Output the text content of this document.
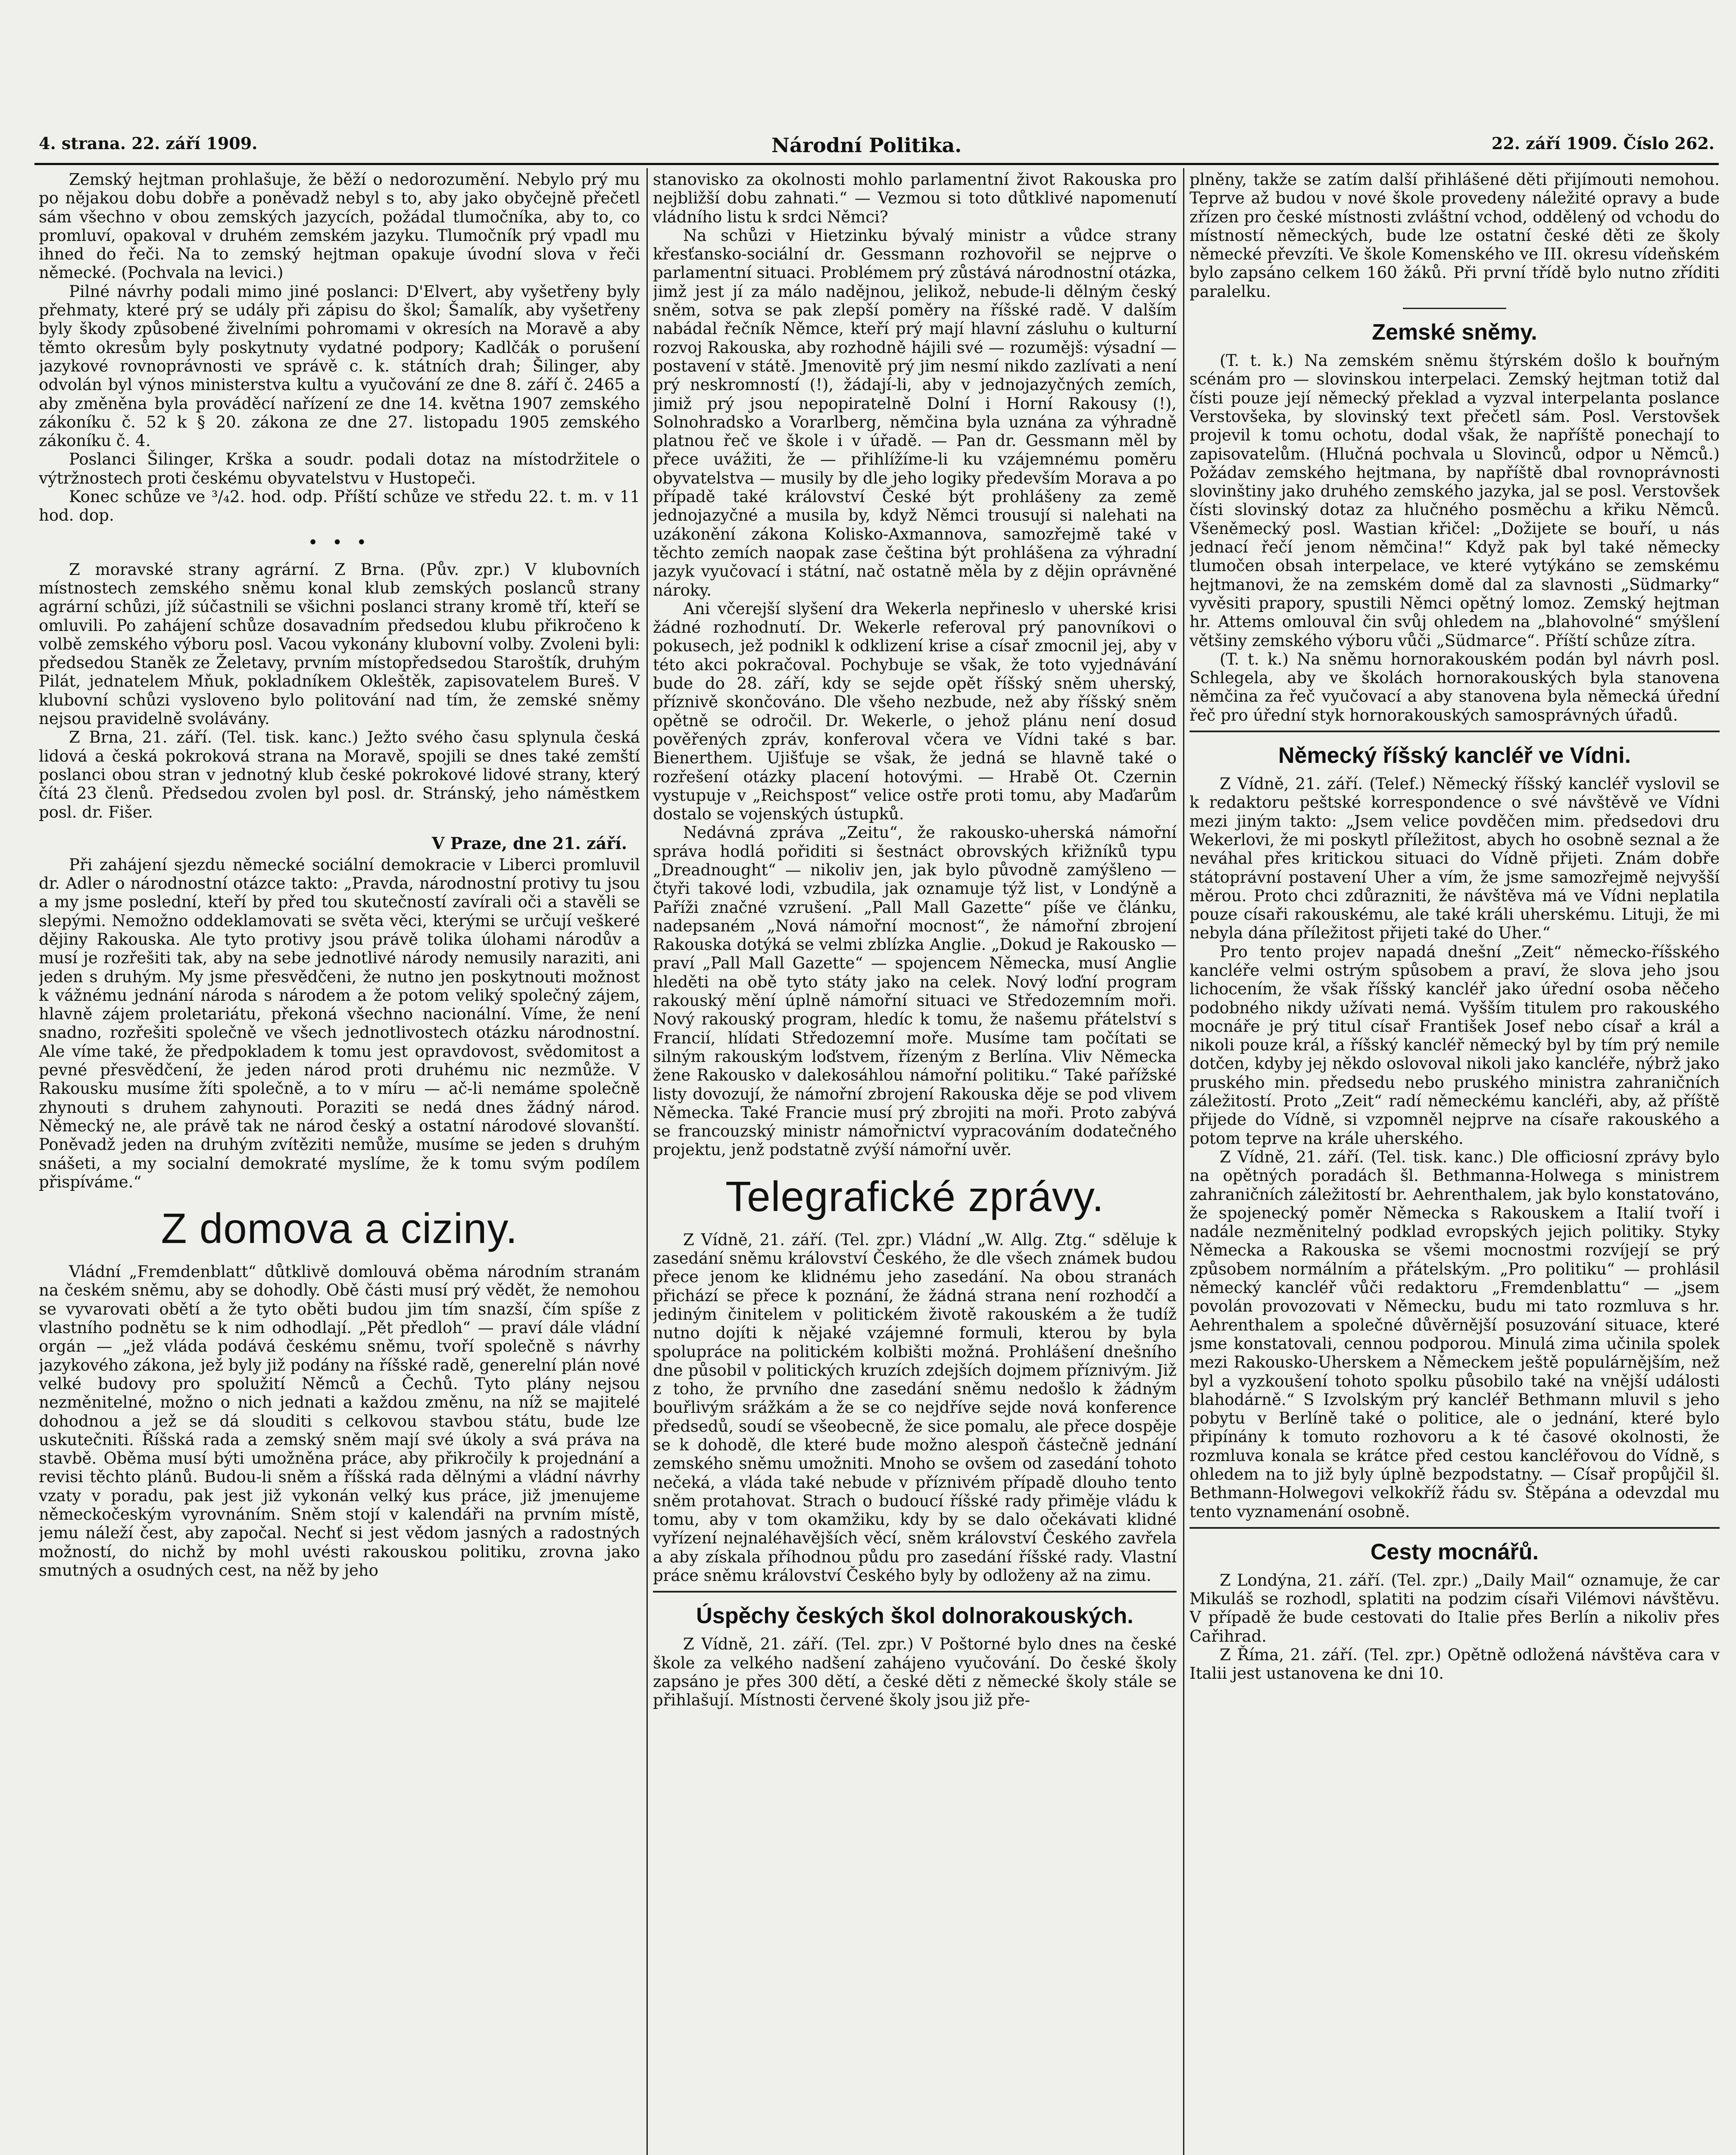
4. strana. 22. září 1909.	Národní Politika.	22. září 1909. Číslo 262.

Zemský hejtman prohlašuje, že běží o nedorozumění. Nebylo prý mu po nějakou dobu dobře a poněvadž nebyl s to, aby jako obyčejně přečetl sám všechno v obou zemských jazycích, požádal tlumočníka, aby to, co promluví, opakoval v druhém zemském jazyku. Tlumočník prý vpadl mu ihned do řeči. Na to zemský hejtman opakuje úvodní slova v řeči německé. (Pochvala na levici.)

Pilné návrhy podali mimo jiné poslanci: D'Elvert, aby vyšetřeny byly přehmaty, které prý se udály při zápisu do škol; Šamalík, aby vyšetřeny byly škody způsobené živelními pohromami v okresích na Moravě a aby těmto okresům byly poskytnuty vydatné podpory; Kadlčák o porušení jazykové rovnoprávnosti ve správě c. k. státních drah; Šilinger, aby odvolán byl výnos ministerstva kultu a vyučování ze dne 8. září č. 2465 a aby změněna byla prováděcí nařízení ze dne 14. května 1907 zemského zákoníku č. 52 k § 20. zákona ze dne 27. listopadu 1905 zemského zákoníku č. 4.

Poslanci Šilinger, Krška a soudr. podali dotaz na místodržitele o výtržnostech proti českému obyvatelstvu v Hustopeči.

Konec schůze ve ³/₄2. hod. odp. Příští schůze ve středu 22. t. m. v 11 hod. dop.

• • •

Z moravské strany agrární. Z Brna. (Pův. zpr.) V klubovních místnostech zemského sněmu konal klub zemských poslanců strany agrární schůzi, jíž súčastnili se všichni poslanci strany kromě tří, kteří se omluvili. Po zahájení schůze dosavadním předsedou klubu přikročeno k volbě zemského výboru posl. Vacou vykonány klubovní volby. Zvoleni byli: předsedou Staněk ze Želetavy, prvním místopředsedou Staroštík, druhým Pilát, jednatelem Mňuk, pokladníkem Okleštěk, zapisovatelem Bureš. V klubovní schůzi vysloveno bylo politování nad tím, že zemské sněmy nejsou pravidelně svolávány.

Z Brna, 21. září. (Tel. tisk. kanc.) Ježto svého času splynula česká lidová a česká pokroková strana na Moravě, spojili se dnes také zemští poslanci obou stran v jednotný klub české pokrokové lidové strany, který čítá 23 členů. Předsedou zvolen byl posl. dr. Stránský, jeho náměstkem posl. dr. Fišer.

V Praze, dne 21. září.

Při zahájení sjezdu německé sociální demokracie v Liberci promluvil dr. Adler o národnostní otázce takto: „Pravda, národnostní protivy tu jsou a my jsme poslední, kteří by před tou skutečností zavírali oči a stavěli se slepými. Nemožno oddeklamovati se světa věci, kterými se určují veškeré dějiny Rakouska. Ale tyto protivy jsou právě tolika úlohami národův a musí je rozřešiti tak, aby na sebe jednotlivé národy nemusily naraziti, ani jeden s druhým. My jsme přesvědčeni, že nutno jen poskytnouti možnost k vážnému jednání národa s národem a že potom veliký společný zájem, hlavně zájem proletariátu, překoná všechno nacionální. Víme, že není snadno, rozřešiti společně ve všech jednotlivostech otázku národnostní. Ale víme také, že předpokladem k tomu jest opravdovost, svědomitost a pevné přesvědčení, že jeden národ proti druhému nic nezmůže. V Rakousku musíme žíti společně, a to v míru — ač-li nemáme společně zhynouti s druhem zahynouti. Poraziti se nedá dnes žádný národ. Německý ne, ale právě tak ne národ český a ostatní národové slovanští. Poněvadž jeden na druhým zvítěziti nemůže, musíme se jeden s druhým snášeti, a my socialní demokraté myslíme, že k tomu svým podílem přispíváme.“

Z domova a ciziny.

Vládní „Fremdenblatt“ důtklivě domlouvá oběma národním stranám na českém sněmu, aby se dohodly. Obě části musí prý vědět, že nemohou se vyvarovati obětí a že tyto oběti budou jim tím snazší, čím spíše z vlastního podnětu se k nim odhodlají. „Pět předloh“ — praví dále vládní orgán — „jež vláda podává českému sněmu, tvoří společně s návrhy jazykového zákona, jež byly již podány na říšské radě, generelní plán nové velké budovy pro spolužití Němců a Čechů. Tyto plány nejsou nezměnitelné, možno o nich jednati a každou změnu, na níž se majitelé dohodnou a jež se dá slouditi s celkovou stavbou státu, bude lze uskutečniti. Říšská rada a zemský sněm mají své úkoly a svá práva na stavbě. Oběma musí býti umožněna práce, aby přikročily k projednání a revisi těchto plánů. Budou-li sněm a říšská rada dělnými a vládní návrhy vzaty v poradu, pak jest již vykonán velký kus práce, již jmenujeme německočeským vyrovnáním. Sněm stojí v kalendáři na prvním místě, jemu náleží čest, aby započal. Nechť si jest vědom jasných a radostných možností, do nichž by mohl uvésti rakouskou politiku, zrovna jako smutných a osudných cest, na něž by jeho

stanovisko za okolnosti mohlo parlamentní život Rakouska pro nejbližší dobu zahnati.“ — Vezmou si toto důtklivé napomenutí vládního listu k srdci Němci?

Na schůzi v Hietzinku bývalý ministr a vůdce strany křesťansko-sociální dr. Gessmann rozhovořil se nejprve o parlamentní situaci. Problémem prý zůstává národnostní otázka, jimž jest jí za málo nadějnou, jelikož, nebude-li dělným český sněm, sotva se pak zlepší poměry na říšské radě. V dalším nabádal řečník Němce, kteří prý mají hlavní zásluhu o kulturní rozvoj Rakouska, aby rozhodně hájili své — rozumějš: výsadní — postavení v státě. Jmenovitě prý jim nesmí nikdo zazlívati a není prý neskromností (!), žádají-li, aby v jednojazyčných zemích, jimiž prý jsou nepopiratelně Dolní i Horní Rakousy (!), Solnohradsko a Vorarlberg, němčina byla uznána za výhradně platnou řeč ve škole i v úřadě. — Pan dr. Gessmann měl by přece uvážiti, že — přihlížíme-li ku vzájemnému poměru obyvatelstva — musily by dle jeho logiky především Morava a po případě také království České být prohlášeny za země jednojazyčné a musila by, když Němci trousují si nalehati na uzákonění zákona Kolisko-Axmannova, samozřejmě také v těchto zemích naopak zase čeština být prohlášena za výhradní jazyk vyučovací i státní, nač ostatně měla by z dějin oprávněné nároky.

Ani včerejší slyšení dra Wekerla nepřineslo v uherské krisi žádné rozhodnutí. Dr. Wekerle referoval prý panovníkovi o pokusech, jež podnikl k odklizení krise a císař zmocnil jej, aby v této akci pokračoval. Pochybuje se však, že toto vyjednávání bude do 28. září, kdy se sejde opět říšský sněm uherský, příznivě skončováno. Dle všeho nezbude, než aby říšský sněm opětně se odročil. Dr. Wekerle, o jehož plánu není dosud pověřených zpráv, konferoval včera ve Vídni také s bar. Bienerthem. Ujišťuje se však, že jedná se hlavně také o rozřešení otázky placení hotovými. — Hrabě Ot. Czernin vystupuje v „Reichspost“ velice ostře proti tomu, aby Maďarům dostalo se vojenských ústupků.

Nedávná zpráva „Zeitu“, že rakousko-uherská námořní správa hodlá pořiditi si šestnáct obrovských křižníků typu „Dreadnought“ — nikoliv jen, jak bylo původně zamýšleno — čtyři takové lodi, vzbudila, jak oznamuje týž list, v Londýně a Paříži značné vzrušení. „Pall Mall Gazette“ píše ve článku, nadepsaném „Nová námořní mocnost“, že námořní zbrojení Rakouska dotýká se velmi zblízka Anglie. „Dokud je Rakousko — praví „Pall Mall Gazette“ — spojencem Německa, musí Anglie hleděti na obě tyto státy jako na celek. Nový loďní program rakouský mění úplně námořní situaci ve Středozemním moři. Nový rakouský program, hledíc k tomu, že našemu přátelství s Francií, hlídati Středozemní moře. Musíme tam počítati se silným rakouským loďstvem, řízeným z Berlína. Vliv Německa žene Rakousko v dalekosáhlou námořní politiku.“ Také pařížské listy dovozují, že námořní zbrojení Rakouska děje se pod vlivem Německa. Také Francie musí prý zbrojiti na moři. Proto zabývá se francouzský ministr námořnictví vypracováním dodatečného projektu, jenž podstatně zvýší námořní uvěr.

Telegrafické zprávy.

Z Vídně, 21. září. (Tel. zpr.) Vládní „W. Allg. Ztg.“ sděluje k zasedání sněmu království Českého, že dle všech známek budou přece jenom ke klidnému jeho zasedání. Na obou stranách přichází se přece k poznání, že žádná strana není rozhodčí a jediným činitelem v politickém životě rakouském a že tudíž nutno dojíti k nějaké vzájemné formuli, kterou by byla spolupráce na politickém kolbišti možná. Prohlášení dnešního dne působil v politických kruzích zdejších dojmem příznivým. Již z toho, že prvního dne zasedání sněmu nedošlo k žádným bouřlivým srážkám a že se co nejdříve sejde nová konference předsedů, soudí se všeobecně, že sice pomalu, ale přece dospěje se k dohodě, dle které bude možno alespoň částečně jednání zemského sněmu umožniti. Mnoho se ovšem od zasedání tohoto nečeká, a vláda také nebude v příznivém případě dlouho tento sněm protahovat. Strach o budoucí říšské rady přiměje vládu k tomu, aby v tom okamžiku, kdy by se dalo očekávati klidné vyřízení nejnaléhavějších věcí, sněm království Českého zavřela a aby získala příhodnou půdu pro zasedání říšské rady. Vlastní práce sněmu království Českého byly by odloženy až na zimu.

Úspěchy českých škol dolnorakouských.

Z Vídně, 21. září. (Tel. zpr.) V Poštorné bylo dnes na české škole za velkého nadšení zahájeno vyučování. Do české školy zapsáno je přes 300 dětí, a české děti z německé školy stále se přihlašují. Místnosti červené školy jsou již pře-

plněny, takže se zatím další přihlášené děti přijímouti nemohou. Teprve až budou v nové škole provedeny náležité opravy a bude zřízen pro české místnosti zvláštní vchod, oddělený od vchodu do místností německých, bude lze ostatní české děti ze školy německé převzíti. Ve škole Komenského ve III. okresu vídeňském bylo zapsáno celkem 160 žáků. Při první třídě bylo nutno zříditi paralelku.

Zemské sněmy.

(T. t. k.) Na zemském sněmu štýrském došlo k bouřným scénám pro — slovinskou interpelaci. Zemský hejtman totiž dal čísti pouze její německý překlad a vyzval interpelanta poslance Verstovšeka, by slovinský text přečetl sám. Posl. Verstovšek projevil k tomu ochotu, dodal však, že napříště ponechají to zapisovatelům. (Hlučná pochvala u Slovinců, odpor u Němců.) Požádav zemského hejtmana, by napříště dbal rovnoprávnosti slovinštiny jako druhého zemského jazyka, jal se posl. Verstovšek čísti slovinský dotaz za hlučného posměchu a křiku Němců. Všeněmecký posl. Wastian křičel: „Dožijete se bouří, u nás jednací řečí jenom němčina!“ Když pak byl také německy tlumočen obsah interpelace, ve které vytýkáno se zemskému hejtmanovi, že na zemském domě dal za slavnosti „Südmarky“ vyvěsiti prapory, spustili Němci opětný lomoz. Zemský hejtman hr. Attems omlouval čin svůj ohledem na „blahovolné“ smýšlení většiny zemského výboru vůči „Südmarce“. Příští schůze zítra.

(T. t. k.) Na sněmu hornorakouském podán byl návrh posl. Schlegela, aby ve školách hornorakouských byla stanovena němčina za řeč vyučovací a aby stanovena byla německá úřední řeč pro úřední styk hornorakouských samosprávných úřadů.

Německý říšský kancléř ve Vídni.

Z Vídně, 21. září. (Telef.) Německý říšský kancléř vyslovil se k redaktoru peštské korrespondence o své návštěvě ve Vídni mezi jiným takto: „Jsem velice povděčen mim. předsedovi dru Wekerlovi, že mi poskytl příležitost, abych ho osobně seznal a že neváhal přes kritickou situaci do Vídně přijeti. Znám dobře státoprávní postavení Uher a vím, že jsme samozřejmě nejvyšší měrou. Proto chci zdůrazniti, že návštěva má ve Vídni neplatila pouze císaři rakouskému, ale také králi uherskému. Lituji, že mi nebyla dána příležitost přijeti také do Uher.“

Pro tento projev napadá dnešní „Zeit“ německo-říšského kancléře velmi ostrým spůsobem a praví, že slova jeho jsou lichocením, že však říšský kancléř jako úřední osoba něčeho podobného nikdy užívati nemá. Vyšším titulem pro rakouského mocnáře je prý titul císař František Josef nebo císař a král a nikoli pouze král, a říšský kancléř německý byl by tím prý nemile dotčen, kdyby jej někdo oslovoval nikoli jako kancléře, nýbrž jako pruského min. předsedu nebo pruského ministra zahraničních záležitostí. Proto „Zeit“ radí německému kancléři, aby, až příště přijede do Vídně, si vzpomněl nejprve na císaře rakouského a potom teprve na krále uherského.

Z Vídně, 21. září. (Tel. tisk. kanc.) Dle officiosní zprávy bylo na opětných poradách šl. Bethmanna-Holwega s ministrem zahraničních záležitostí br. Aehrenthalem, jak bylo konstatováno, že spojenecký poměr Německa s Rakouskem a Italií tvoří i nadále nezměnitelný podklad evropských jejich politiky. Styky Německa a Rakouska se všemi mocnostmi rozvíjejí se prý způsobem normálním a přátelským. „Pro politiku“ — prohlásil německý kancléř vůči redaktoru „Fremdenblattu“ — „jsem povolán provozovati v Německu, budu mi tato rozmluva s hr. Aehrenthalem a společné důvěrnější posuzování situace, které jsme konstatovali, cennou podporou. Minulá zima učinila spolek mezi Rakousko-Uherskem a Německem ještě populárnějším, než byl a vyzkoušení tohoto spolku působilo také na vnější události blahodárně.“ S Izvolským prý kancléř Bethmann mluvil s jeho pobytu v Berlíně také o politice, ale o jednání, které bylo připínány k tomuto rozhovoru a k té časové okolnosti, že rozmluva konala se krátce před cestou kancléřovou do Vídně, s ohledem na to již byly úplně bezpodstatny. — Císař propůjčil šl. Bethmann-Holwegovi velkokříž řádu sv. Štěpána a odevzdal mu tento vyznamenání osobně.

Cesty mocnářů.

Z Londýna, 21. září. (Tel. zpr.) „Daily Mail“ oznamuje, že car Mikuláš se rozhodl, splatiti na podzim císaři Vilémovi návštěvu. V případě že bude cestovati do Italie přes Berlín a nikoliv přes Cařihrad.

Z Říma, 21. září. (Tel. zpr.) Opětně odložená návštěva cara v Italii jest ustanovena ke dni 10.
